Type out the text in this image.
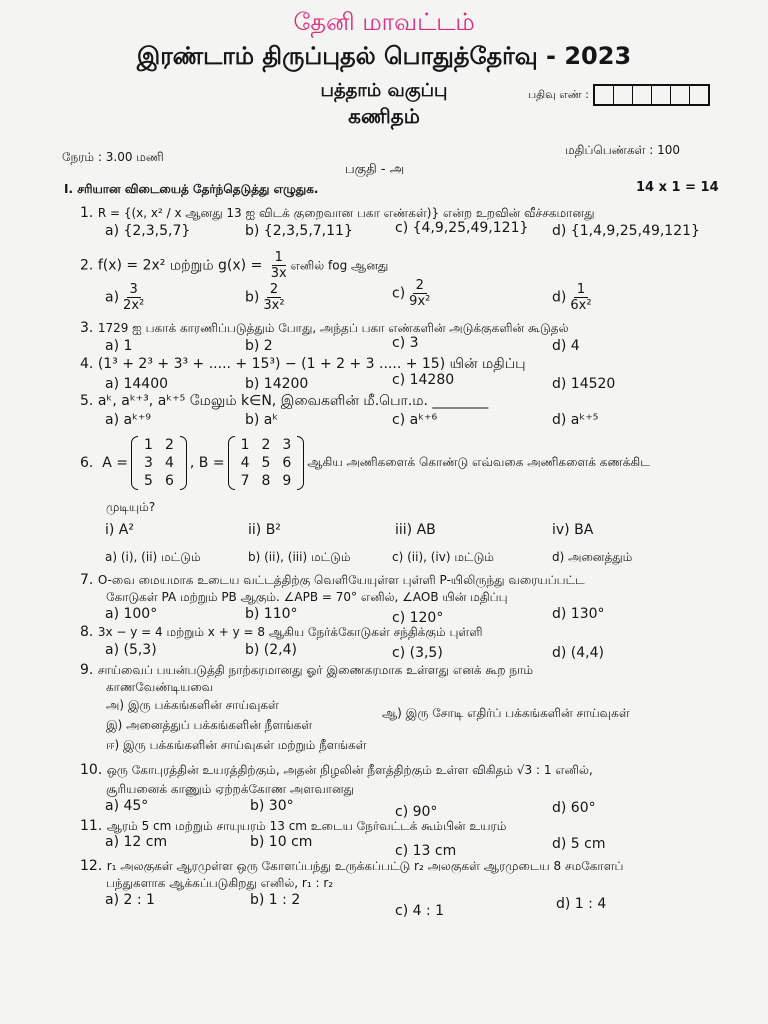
தேனி மாவட்டம்
இரண்டாம் திருப்புதல் பொதுத்தேர்வு - 2023
பத்தாம் வகுப்பு	பதிவு எண் :
கணிதம்
நேரம் : 3.00 மணி	மதிப்பெண்கள் : 100
பகுதி - அ
I. சரியான விடையைத் தேர்ந்தெடுத்து எழுதுக.	14 x 1 = 14
1. R = {(x, x² / x ஆனது 13 ஐ விடக் குறைவான பகா எண்கள்)} என்ற உறவின் வீச்சகமானது
a) {2,3,5,7}	b) {2,3,5,7,11}	c) {4,9,25,49,121} d) {1,4,9,25,49,121}
2. f(x) = 2x² மற்றும் $g(x) = \frac{1}{3x}$ எனில் fog ஆனது
$a) \frac{3}{\text{2x²}}$	$b) \frac{2}{\text{3x²}}$	$c) \frac{2}{\text{9x²}}$	$d) \frac{1}{\text{6x²}}$
3. 1729 ஐ பகாக் காரணிப்படுத்தும் போது, அந்தப் பகா எண்களின் அடுக்குகளின் கூடுதல்
a) 1	b) 2	c) 3	d) 4
4. (1³ + 2³ + 3³ + ..... + 15³) − (1 + 2 + 3 ..... + 15) யின் மதிப்பு
a) 14400	b) 14200	c) 14280	d) 14520
5. aᵏ, aᵏ⁺³, aᵏ⁺⁵ மேலும் k∈N, இவைகளின் மீ.பொ.ம. ________
a) aᵏ⁺⁹	b) aᵏ	c) aᵏ⁺⁶	d) aᵏ⁺⁵
6. A =
1	2
3	4
5	6
, B =
1	2	3
4	5	6
7	8	9
ஆகிய அணிகளைக் கொண்டு எவ்வகை அணிகளைக் கணக்கிட
முடியும்?
i) A²	ii) B²	iii) AB	iv) BA
a) (i), (ii) மட்டும்	b) (ii), (iii) மட்டும்	c) (ii), (iv) மட்டும்	d) அனைத்தும்
7. O-வை மையமாக உடைய வட்டத்திற்கு வெளியேயுள்ள புள்ளி P-யிலிருந்து வரையப்பட்ட
கோடுகள் PA மற்றும் PB ஆகும். ∠APB = 70° எனில், ∠AOB யின் மதிப்பு
a) 100°	b) 110°	c) 120°	d) 130°
8. 3x − y = 4 மற்றும் x + y = 8 ஆகிய நேர்க்கோடுகள் சந்திக்கும் புள்ளி
a) (5,3)	b) (2,4)	c) (3,5)	d) (4,4)
9. சாய்வைப் பயன்படுத்தி நாற்கரமானது ஓர் இணைகரமாக உள்ளது எனக் கூற நாம்
காணவேண்டியவை
அ) இரு பக்கங்களின் சாய்வுகள்
ஆ) இரு சோடி எதிர்ப் பக்கங்களின் சாய்வுகள்
இ) அனைத்துப் பக்கங்களின் நீளங்கள்
ஈ) இரு பக்கங்களின் சாய்வுகள் மற்றும் நீளங்கள்
10. ஒரு கோபுரத்தின் உயரத்திற்கும், அதன் நிழலின் நீளத்திற்கும் உள்ள விகிதம் √3 : 1 எனில்,
சூரியனைக் காணும் ஏற்றக்கோண அளவானது
a) 45°	b) 30°	c) 90°	d) 60°
11. ஆரம் 5 cm மற்றும் சாயுயரம் 13 cm உடைய நேர்வட்டக் கூம்பின் உயரம்
a) 12 cm	b) 10 cm
c) 13 cm	d) 5 cm
12. r₁ அலகுகள் ஆரமுள்ள ஒரு கோளப்பந்து உருக்கப்பட்டு r₂ அலகுகள் ஆரமுடைய 8 சமகோளப்
பந்துகளாக ஆக்கப்படுகிறது எனில், r₁ : r₂
a) 2 : 1	b) 1 : 2
c) 4 : 1	d) 1 : 4
